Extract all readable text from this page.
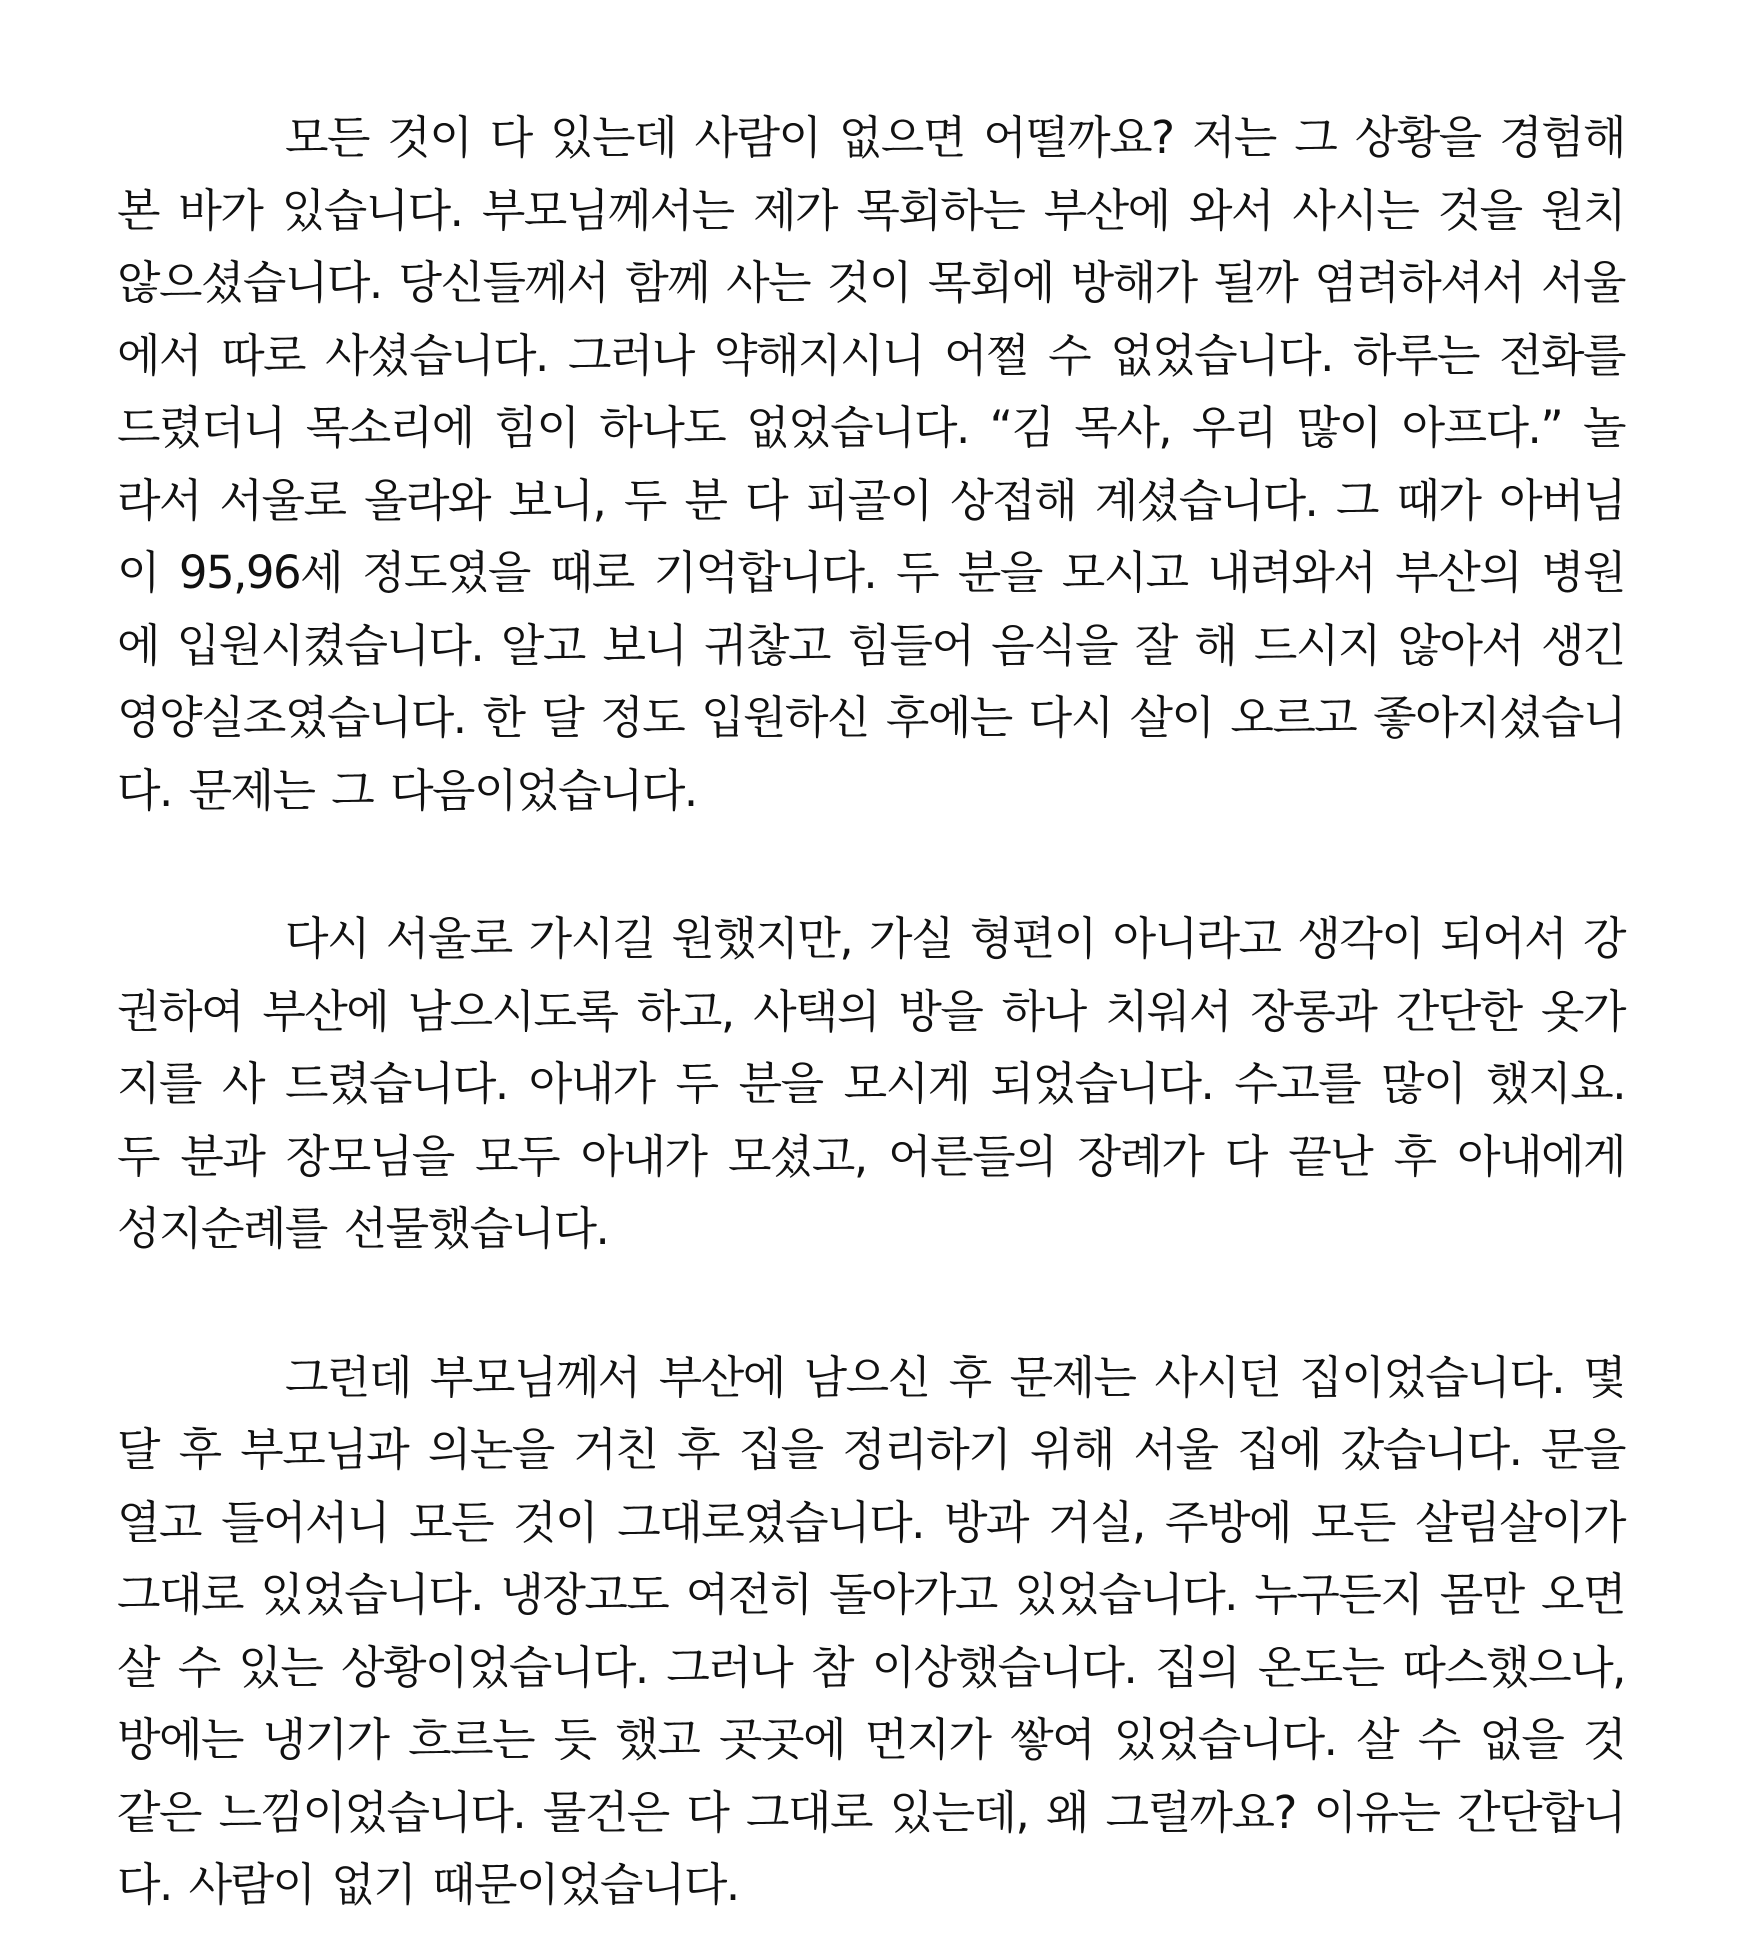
모든 것이 다 있는데 사람이 없으면 어떨까요? 저는 그 상황을 경험해본 바가 있습니다. 부모님께서는 제가 목회하는 부산에 와서 사시는 것을 원치 않으셨습니다. 당신들께서 함께 사는 것이 목회에 방해가 될까 염려하셔서 서울에서 따로 사셨습니다. 그러나 약해지시니 어쩔 수 없었습니다. 하루는 전화를 드렸더니 목소리에 힘이 하나도 없었습니다. “김 목사, 우리 많이 아프다.” 놀라서 서울로 올라와 보니, 두 분 다 피골이 상접해 계셨습니다. 그 때가 아버님이 95,96세 정도였을 때로 기억합니다. 두 분을 모시고 내려와서 부산의 병원에 입원시켰습니다. 알고 보니 귀찮고 힘들어 음식을 잘 해 드시지 않아서 생긴 영양실조였습니다. 한 달 정도 입원하신 후에는 다시 살이 오르고 좋아지셨습니다. 문제는 그 다음이었습니다.

다시 서울로 가시길 원했지만, 가실 형편이 아니라고 생각이 되어서 강권하여 부산에 남으시도록 하고, 사택의 방을 하나 치워서 장롱과 간단한 옷가지를 사 드렸습니다. 아내가 두 분을 모시게 되었습니다. 수고를 많이 했지요. 두 분과 장모님을 모두 아내가 모셨고, 어른들의 장례가 다 끝난 후 아내에게 성지순례를 선물했습니다.

그런데 부모님께서 부산에 남으신 후 문제는 사시던 집이었습니다. 몇 달 후 부모님과 의논을 거친 후 집을 정리하기 위해 서울 집에 갔습니다. 문을 열고 들어서니 모든 것이 그대로였습니다. 방과 거실, 주방에 모든 살림살이가 그대로 있었습니다. 냉장고도 여전히 돌아가고 있었습니다. 누구든지 몸만 오면 살 수 있는 상황이었습니다. 그러나 참 이상했습니다. 집의 온도는 따스했으나, 방에는 냉기가 흐르는 듯 했고 곳곳에 먼지가 쌓여 있었습니다. 살 수 없을 것 같은 느낌이었습니다. 물건은 다 그대로 있는데, 왜 그럴까요? 이유는 간단합니다. 사람이 없기 때문이었습니다.
